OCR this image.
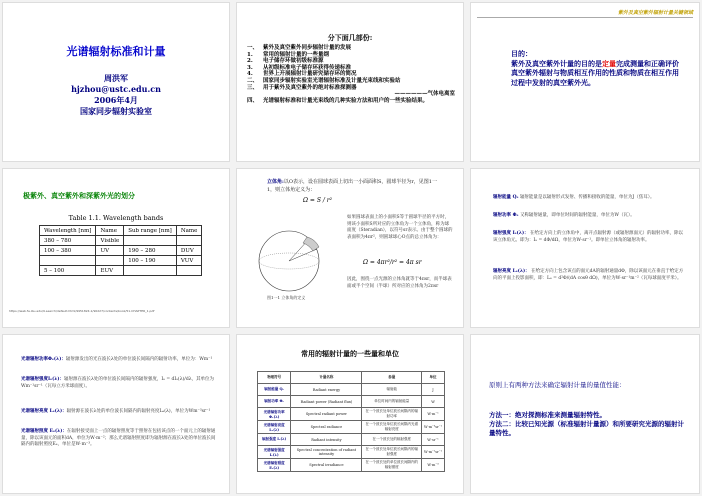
光谱辐射标准和计量
周洪军
hjzhou@ustc.edu.cn
2006年4月
国家同步辐射实验室
分下面几部份:
一、 紫外及真空紫外同步辐射计量的发展
1. 常用的辐射计量的一些量纲
2. 电子储存环做初级标准源
3. 从初级标准电子储存环获得传递标准
4. 世界上开展辐射计量研究储存环的简况
二、 国家同步辐射实验室光谱辐射标准及计量光束线和实验站
三、 用于紫外及真空紫外的绝对标准探测器
——————气体电离室
四、 光谱辐射标准和计量光束线的几种实验方法和用户的一些实验结果。
紫外及真空紫外辐射计量关键领域
目的：
紫外及真空紫外计量的目的是定量完成测量和正确评价真空紫外辐射与物质相互作用的性质和物质在相互作用过程中发射的真空紫外光。
极紫外、真空紫外和深紫外光的划分
Table 1.1. Wavelength bands
Wavelength [nm]	Name	Sub range [nm]	Name
380 – 780	Visible		
100 – 380	UV	190 – 280	DUV
		100 – 190	VUV
5 – 100	EUV		
https://web.fa.ibu.edu/9.search/default.html/9951824.1/90227/contents/book/51.CHAPTER_1.pdf
立体角:以O表示，设在圆球表面上切出一小面面积S，圆球半径为r，见图1一1，则立体角定义为：
Ω = S / r²
图1一1 立体角的定义
如果圆球表面上的小面积S等于圆球半径的平方时，则该小面积S所对应的立体角为一个立体角，称为球面度（Steradian），以符号sr表示。由于整个圆球的表面积为4πr²，则圆球球心O点的总立体角为：
Ω = 4πr²/r² = 4π sr
因此，围绕一点光源的立体角就等于4πsr，而半球表面或半个空间（半球）所对应的立体角为2πsr
辐射能量 Qₑ 辐射能量是以辐射形式发射、传播和接收的能量，单位为J（焦耳）。
辐射功率 Φₑ 又称辐射通量，即单位时间的辐射能量，单位为W（瓦）。
辐射强度 Iₑ(λ)： 在给定方向上的立体角中，离开点辐射源（或辐射源面元）的辐射功率，除以该立体角元。即为：Iₑ = dΦ/dΩ，单位为W·sr⁻¹。即单位立体角的辐射功率。
辐射亮度 Lₑ(λ)： 在给定方向上包含该点的面元dA的辐射通量dΦ，除以该面元在垂直于给定方向的平面上投影面积，即：Lₑ = d²Φ/(dA cosθ dΩ)，单位为W·sr⁻¹m⁻²（瓦每球面度平米）。
光谱辐射功率Φₑ(λ)：辐射源发出的光在波长λ处的单位波长间隔内的辐射功率，单位为：Wm⁻¹
光谱辐射强度Iₑ(λ)：辐射源在波长λ处的单位波长间隔内的辐射强度，Iₑ = dIₑ(λ)/dλ，其单位为Wm⁻¹sr⁻¹（瓦每立方米球面度）。
光谱辐射亮度 Lₑ(λ)：辐射源在波长λ处的单位波长间隔内的辐射亮度Lₑ(λ)，单位为Wm⁻³sr⁻¹
光谱辐射照度 Eₑ(λ)：在辐射接受面上一点的辐射照度等于照射在包括该点的一个面元上的辐射通量，除以该面元的面积dA，单位为W·m⁻²；那么光谱辐射照度即为辐射源在波长λ处的单位波长间隔内的辐射照度Eₑ，单位是W·m⁻³。
常用的辐射计量的一些量和单位
物理符号	计量名称	参量	单位
辐射能量 Qₑ	Radiant energy	辐射能	J
辐射功率 Φₑ	Radiant power (Radiant flux)	单位时间内的辐射能量	W
光谱辐射功率 Φₑ(λ)	Spectral radiant power	在一个波长处单位波长间隔内的辐射功率	W·m⁻¹
光谱辐射亮度 Lₑ(λ)	Spectral radiance	在一个波长处单位波长间隔内光谱辐射亮度	W·m⁻³sr⁻¹
辐射强度 Iₑ(λ)	Radiant intensity	在一个波长处的辐射强度	W·sr⁻¹
光谱辐射强度 Iₑ(λ)	Spectral concentration of radiant intensity	在一个波长处单位波长间隔内的辐射强度	W·m⁻¹sr⁻¹
光谱辐射照度 Eₑ(λ)	Spectral irradiance	在一个波长处的单位波长间隔内的辐射照度	W·m⁻³
原则上有两种方法来确定辐射计量的量值性能：
方法一：绝对探测标准来测量辐射特性。
方法二：比较已知光源（标准辐射计量源）和所要研究光源的辐射计量特性。
